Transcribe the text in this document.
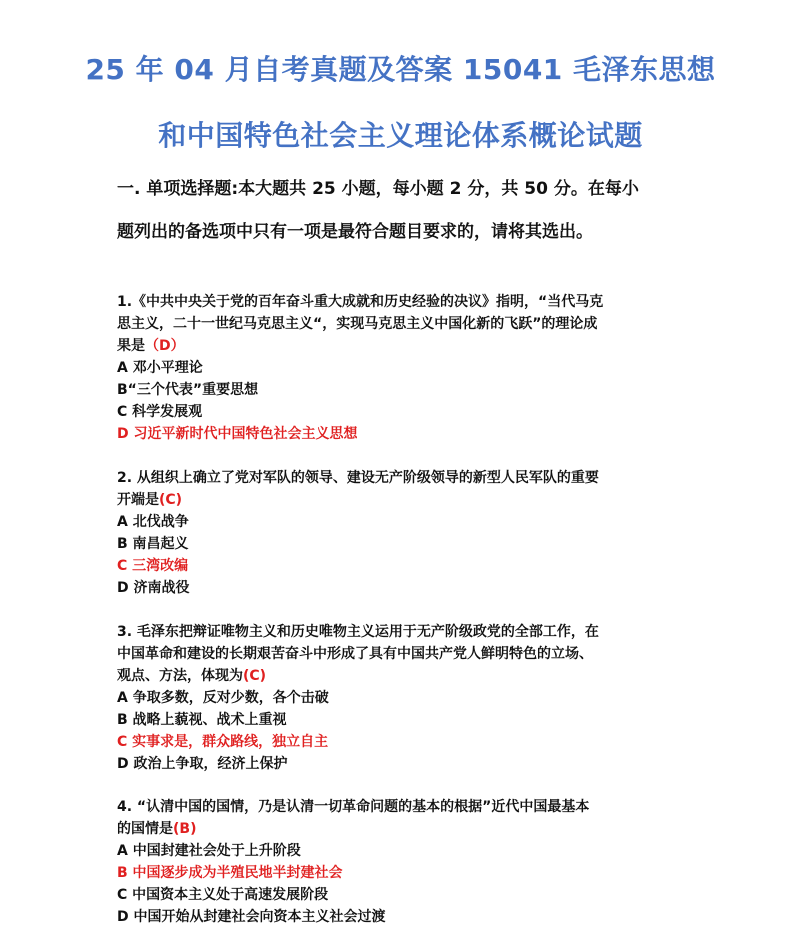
25 年 04 月自考真题及答案 15041 毛泽东思想
和中国特色社会主义理论体系概论试题
一. 单项选择题:本大题共 25 小题，每小题 2 分，共 50 分。在每小
题列出的备选项中只有一项是最符合题目要求的，请将其选出。
1.《中共中央关于党的百年奋斗重大成就和历史经验的决议》指明，“当代马克
思主义，二十一世纪马克思主义“，实现马克思主义中国化新的飞跃”的理论成
果是（D）
A 邓小平理论
B“三个代表”重要思想
C 科学发展观
D 习近平新时代中国特色社会主义思想
2. 从组织上确立了党对军队的领导、建设无产阶级领导的新型人民军队的重要
开端是(C)
A 北伐战争
B 南昌起义
C 三湾改编
D 济南战役
3. 毛泽东把辩证唯物主义和历史唯物主义运用于无产阶级政党的全部工作，在
中国革命和建设的长期艰苦奋斗中形成了具有中国共产党人鲜明特色的立场、
观点、方法，体现为(C)
A 争取多数，反对少数，各个击破
B 战略上藐视、战术上重视
C 实事求是，群众路线，独立自主
D 政治上争取，经济上保护
4. “认清中国的国情，乃是认清一切革命问题的基本的根据”近代中国最基本
的国情是(B)
A 中国封建社会处于上升阶段
B 中国逐步成为半殖民地半封建社会
C 中国资本主义处于高速发展阶段
D 中国开始从封建社会向资本主义社会过渡
